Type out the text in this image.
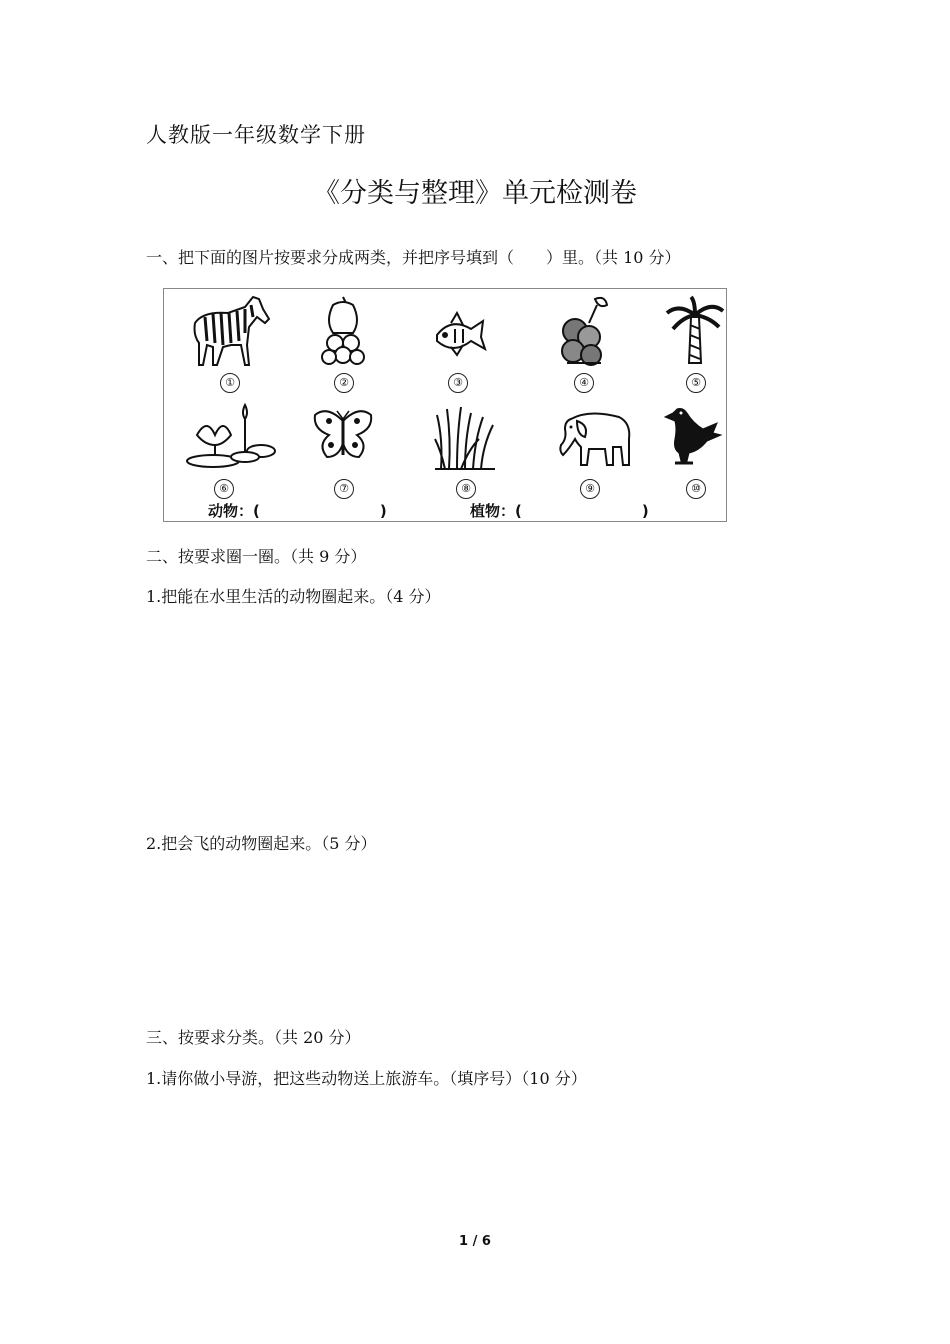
人教版一年级数学下册
《分类与整理》单元检测卷
一、把下面的图片按要求分成两类，并把序号填到（　　）里。（共 10 分）
①	②	③	④	⑤
⑥	⑦	⑧	⑨	⑩
动物：(　　　　　　　　)	植物：(　　　　　　　　)
二、按要求圈一圈。（共 9 分）
1.把能在水里生活的动物圈起来。（4 分）
2.把会飞的动物圈起来。（5 分）
三、按要求分类。（共 20 分）
1.请你做小导游，把这些动物送上旅游车。（填序号）（10 分）
1 / 6
